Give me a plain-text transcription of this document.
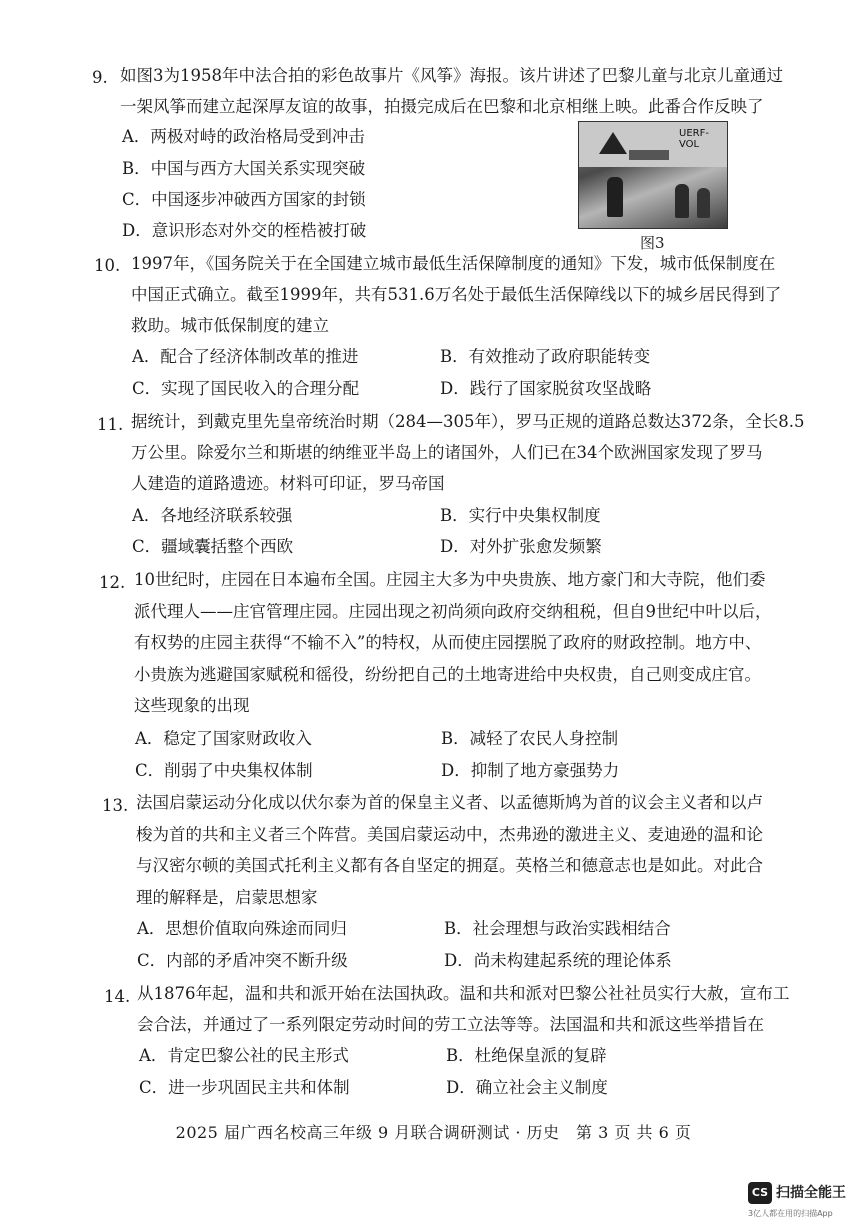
9. 如图3为1958年中法合拍的彩色故事片《风筝》海报。该片讲述了巴黎儿童与北京儿童通过
一架风筝而建立起深厚友谊的故事，拍摄完成后在巴黎和北京相继上映。此番合作反映了
A．两极对峙的政治格局受到冲击
B．中国与西方大国关系实现突破
C．中国逐步冲破西方国家的封锁
D．意识形态对外交的桎梏被打破
UERF-VOL
图3
10. 1997年，《国务院关于在全国建立城市最低生活保障制度的通知》下发，城市低保制度在
中国正式确立。截至1999年，共有531.6万名处于最低生活保障线以下的城乡居民得到了
救助。城市低保制度的建立
A．配合了经济体制改革的推进	B．有效推动了政府职能转变
C．实现了国民收入的合理分配	D．践行了国家脱贫攻坚战略
11. 据统计，到戴克里先皇帝统治时期（284—305年），罗马正规的道路总数达372条，全长8.5
万公里。除爱尔兰和斯堪的纳维亚半岛上的诸国外，人们已在34个欧洲国家发现了罗马
人建造的道路遗迹。材料可印证，罗马帝国
A．各地经济联系较强	B．实行中央集权制度
C．疆域囊括整个西欧	D．对外扩张愈发频繁
12. 10世纪时，庄园在日本遍布全国。庄园主大多为中央贵族、地方豪门和大寺院，他们委
派代理人——庄官管理庄园。庄园出现之初尚须向政府交纳租税，但自9世纪中叶以后，
有权势的庄园主获得“不输不入”的特权，从而使庄园摆脱了政府的财政控制。地方中、
小贵族为逃避国家赋税和徭役，纷纷把自己的土地寄进给中央权贵，自己则变成庄官。
这些现象的出现
A．稳定了国家财政收入	B．减轻了农民人身控制
C．削弱了中央集权体制	D．抑制了地方豪强势力
13. 法国启蒙运动分化成以伏尔泰为首的保皇主义者、以孟德斯鸠为首的议会主义者和以卢
梭为首的共和主义者三个阵营。美国启蒙运动中，杰弗逊的激进主义、麦迪逊的温和论
与汉密尔顿的美国式托利主义都有各自坚定的拥趸。英格兰和德意志也是如此。对此合
理的解释是，启蒙思想家
A．思想价值取向殊途而同归	B．社会理想与政治实践相结合
C．内部的矛盾冲突不断升级	D．尚未构建起系统的理论体系
14. 从1876年起，温和共和派开始在法国执政。温和共和派对巴黎公社社员实行大赦，宣布工
会合法，并通过了一系列限定劳动时间的劳工立法等等。法国温和共和派这些举措旨在
A．肯定巴黎公社的民主形式	B．杜绝保皇派的复辟
C．进一步巩固民主共和体制	D．确立社会主义制度
2025 届广西名校高三年级 9 月联合调研测试 · 历史　第 3 页 共 6 页
CS 扫描全能王
3亿人都在用的扫描App
